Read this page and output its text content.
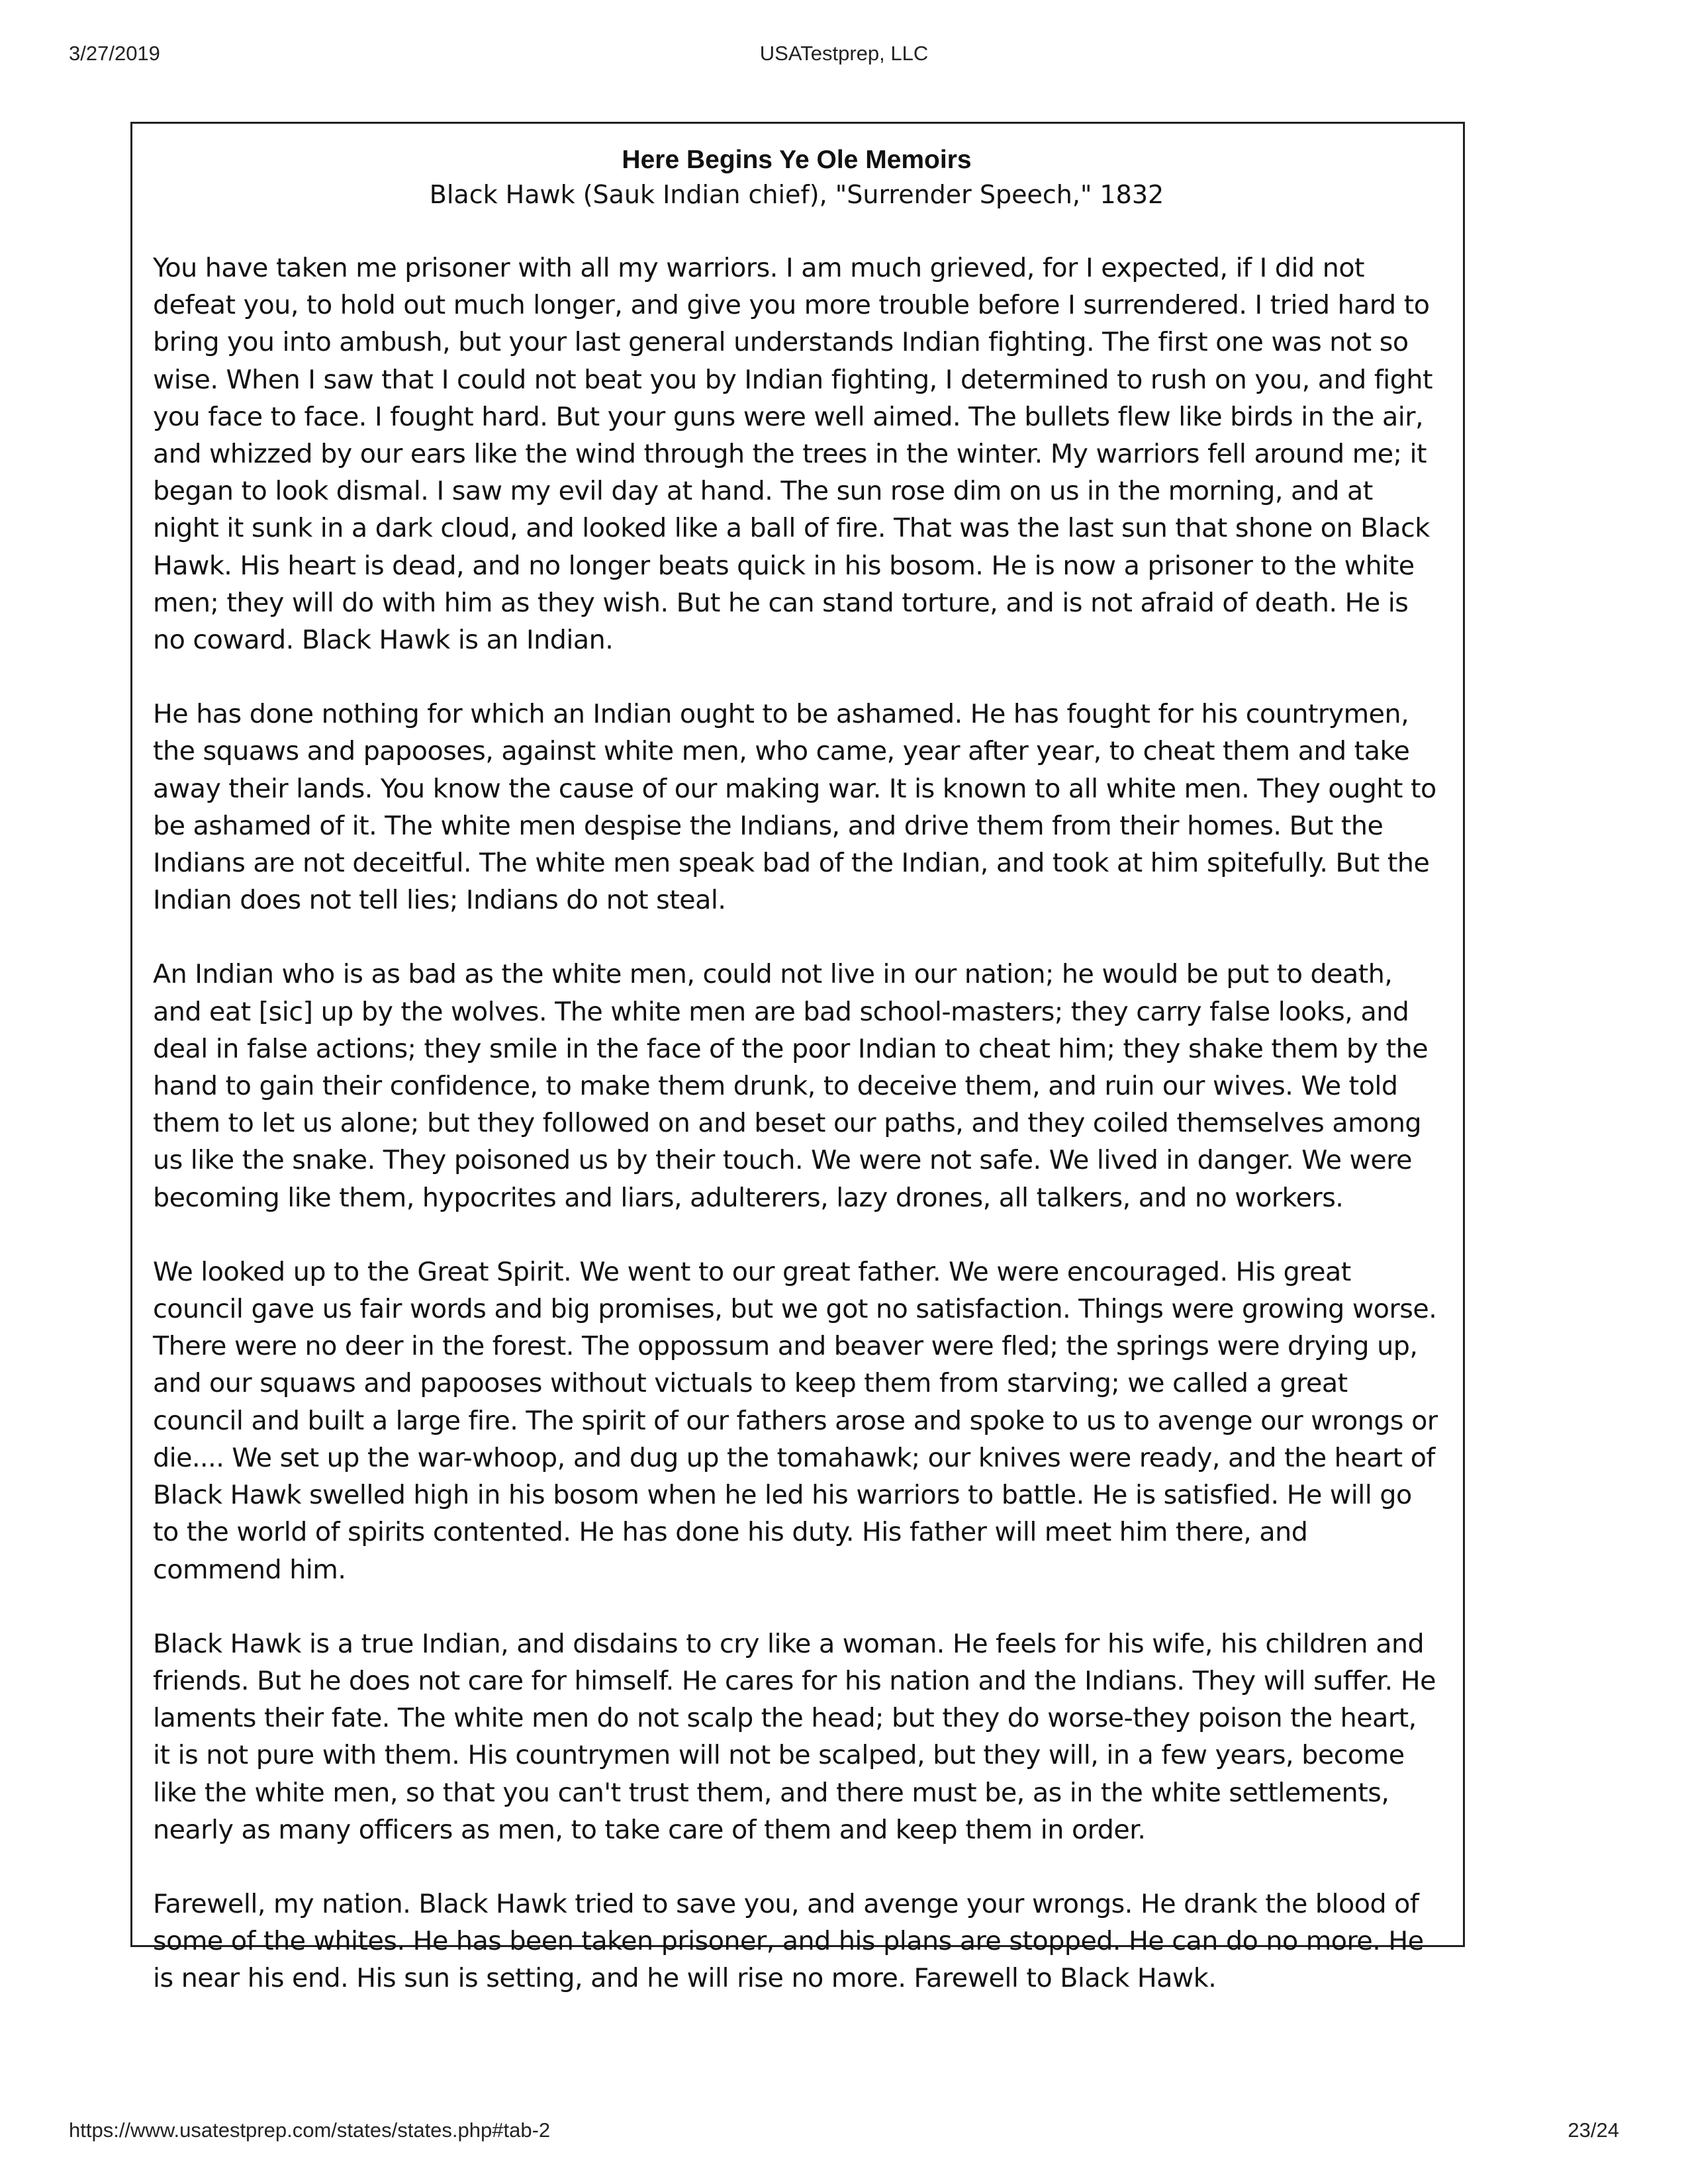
3/27/2019	USATestprep, LLC
Here Begins Ye Ole Memoirs

Black Hawk (Sauk Indian chief), "Surrender Speech," 1832

You have taken me prisoner with all my warriors. I am much grieved, for I expected, if I did not defeat you, to hold out much longer, and give you more trouble before I surrendered. I tried hard to bring you into ambush, but your last general understands Indian fighting. The first one was not so wise. When I saw that I could not beat you by Indian fighting, I determined to rush on you, and fight you face to face. I fought hard. But your guns were well aimed. The bullets flew like birds in the air, and whizzed by our ears like the wind through the trees in the winter. My warriors fell around me; it began to look dismal. I saw my evil day at hand. The sun rose dim on us in the morning, and at night it sunk in a dark cloud, and looked like a ball of fire. That was the last sun that shone on Black Hawk. His heart is dead, and no longer beats quick in his bosom. He is now a prisoner to the white men; they will do with him as they wish. But he can stand torture, and is not afraid of death. He is no coward. Black Hawk is an Indian.

He has done nothing for which an Indian ought to be ashamed. He has fought for his countrymen, the squaws and papooses, against white men, who came, year after year, to cheat them and take away their lands. You know the cause of our making war. It is known to all white men. They ought to be ashamed of it. The white men despise the Indians, and drive them from their homes. But the Indians are not deceitful. The white men speak bad of the Indian, and took at him spitefully. But the Indian does not tell lies; Indians do not steal.

An Indian who is as bad as the white men, could not live in our nation; he would be put to death, and eat [sic] up by the wolves. The white men are bad school-masters; they carry false looks, and deal in false actions; they smile in the face of the poor Indian to cheat him; they shake them by the hand to gain their confidence, to make them drunk, to deceive them, and ruin our wives. We told them to let us alone; but they followed on and beset our paths, and they coiled themselves among us like the snake. They poisoned us by their touch. We were not safe. We lived in danger. We were becoming like them, hypocrites and liars, adulterers, lazy drones, all talkers, and no workers.

We looked up to the Great Spirit. We went to our great father. We were encouraged. His great council gave us fair words and big promises, but we got no satisfaction. Things were growing worse. There were no deer in the forest. The oppossum and beaver were fled; the springs were drying up, and our squaws and papooses without victuals to keep them from starving; we called a great council and built a large fire. The spirit of our fathers arose and spoke to us to avenge our wrongs or die.... We set up the war-whoop, and dug up the tomahawk; our knives were ready, and the heart of Black Hawk swelled high in his bosom when he led his warriors to battle. He is satisfied. He will go to the world of spirits contented. He has done his duty. His father will meet him there, and commend him.

Black Hawk is a true Indian, and disdains to cry like a woman. He feels for his wife, his children and friends. But he does not care for himself. He cares for his nation and the Indians. They will suffer. He laments their fate. The white men do not scalp the head; but they do worse-they poison the heart, it is not pure with them. His countrymen will not be scalped, but they will, in a few years, become like the white men, so that you can't trust them, and there must be, as in the white settlements, nearly as many officers as men, to take care of them and keep them in order.

Farewell, my nation. Black Hawk tried to save you, and avenge your wrongs. He drank the blood of some of the whites. He has been taken prisoner, and his plans are stopped. He can do no more. He is near his end. His sun is setting, and he will rise no more. Farewell to Black Hawk.

https://www.usatestprep.com/states/states.php#tab-2	23/24
